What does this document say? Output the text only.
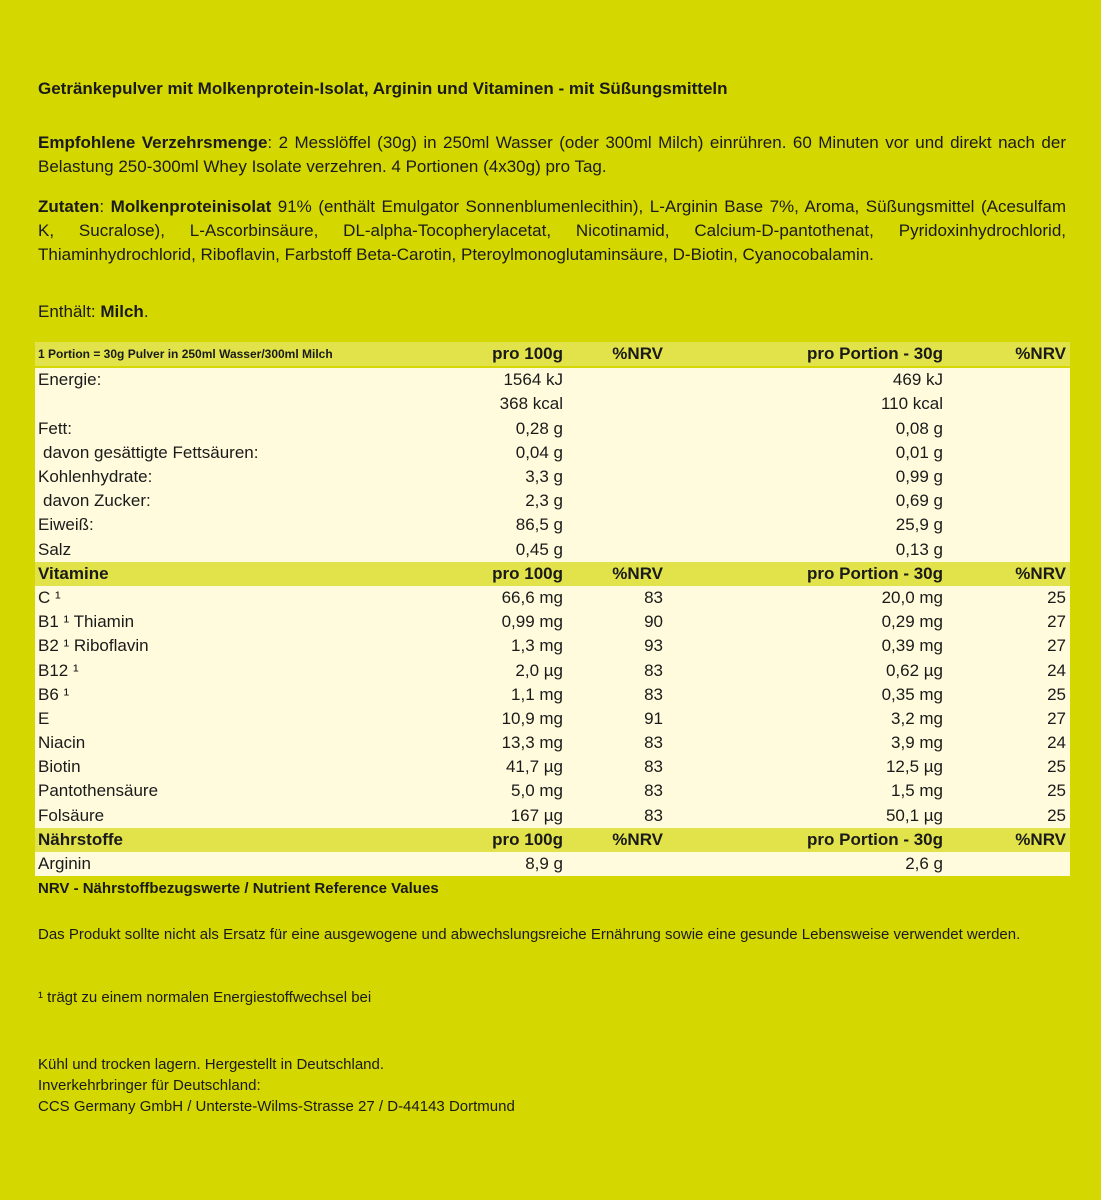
Getränkepulver mit Molkenprotein-Isolat, Arginin und Vitaminen - mit Süßungsmitteln
Empfohlene Verzehrsmenge: 2 Messlöffel (30g) in 250ml Wasser (oder 300ml Milch) einrühren. 60 Minuten vor und direkt nach der Belastung 250-300ml Whey Isolate verzehren. 4 Portionen (4x30g) pro Tag.
Zutaten: Molkenproteinisolat 91% (enthält Emulgator Sonnenblumenlecithin), L-Arginin Base 7%, Aroma, Süßungsmittel (Acesulfam K, Sucralose), L-Ascorbinsäure, DL-alpha-Tocopherylacetat, Nicotinamid, Calcium-D-pantothenat, Pyridoxinhydrochlorid, Thiaminhydrochlorid, Riboflavin, Farbstoff Beta-Carotin, Pteroylmonoglutaminsäure, D-Biotin, Cyanocobalamin.
Enthält: Milch.
NRV - Nährstoffbezugswerte / Nutrient Reference Values
Das Produkt sollte nicht als Ersatz für eine ausgewogene und abwechslungsreiche Ernährung sowie eine gesunde Lebensweise verwendet werden.
¹ trägt zu einem normalen Energiestoffwechsel bei
Kühl und trocken lagern. Hergestellt in Deutschland.
Inverkehrbringer für Deutschland:
CCS Germany GmbH / Unterste-Wilms-Strasse 27 / D-44143 Dortmund
1 Portion = 30g Pulver in 250ml Wasser/300ml Milch	pro 100g	%NRV	pro Portion - 30g	%NRV

Energie:	1564 kJ		469 kJ	
	368 kcal		110 kcal	
Fett:	0,28 g		0,08 g	
davon gesättigte Fettsäuren:	0,04 g		0,01 g	
Kohlenhydrate:	3,3 g		0,99 g	
davon Zucker:	2,3 g		0,69 g	
Eiweiß:	86,5 g		25,9 g	
Salz	0,45 g		0,13 g	
Vitamine	pro 100g	%NRV	pro Portion - 30g	%NRV
C ¹	66,6 mg	83	20,0 mg	25
B1 ¹ Thiamin	0,99 mg	90	0,29 mg	27
B2 ¹ Riboflavin	1,3 mg	93	0,39 mg	27
B12 ¹	2,0 µg	83	0,62 µg	24
B6 ¹	1,1 mg	83	0,35 mg	25
E	10,9 mg	91	3,2 mg	27
Niacin	13,3 mg	83	3,9 mg	24
Biotin	41,7 µg	83	12,5 µg	25
Pantothensäure	5,0 mg	83	1,5 mg	25
Folsäure	167 µg	83	50,1 µg	25
Nährstoffe	pro 100g	%NRV	pro Portion - 30g	%NRV
Arginin	8,9 g		2,6 g	
